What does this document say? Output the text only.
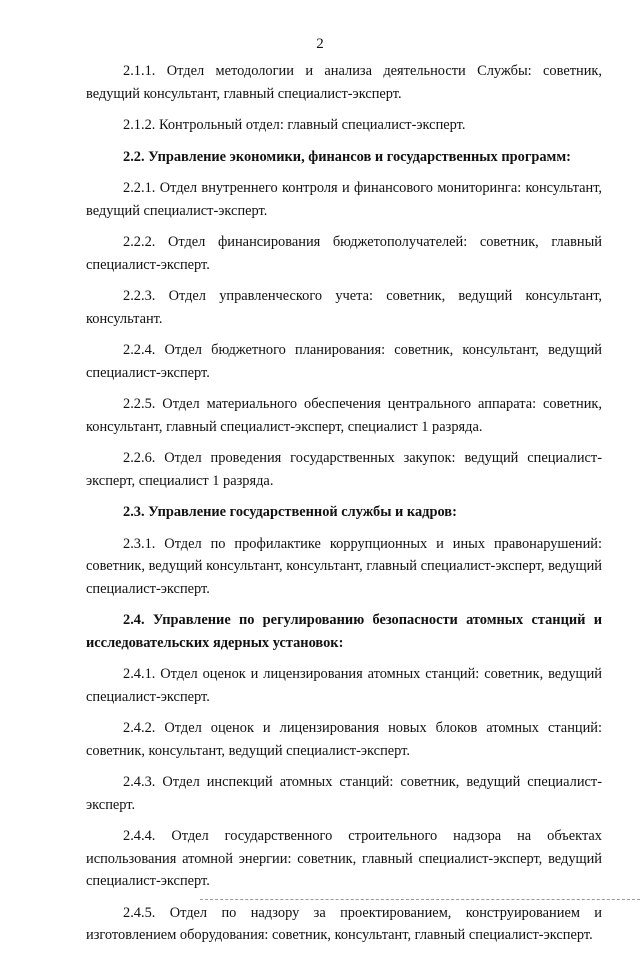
2

2.1.1. Отдел методологии и анализа деятельности Службы: советник, ведущий консультант, главный специалист-эксперт.

2.1.2. Контрольный отдел: главный специалист-эксперт.

2.2. Управление экономики, финансов и государственных программ:

2.2.1. Отдел внутреннего контроля и финансового мониторинга: консультант, ведущий специалист-эксперт.

2.2.2. Отдел финансирования бюджетополучателей: советник, главный специалист-эксперт.

2.2.3. Отдел управленческого учета: советник, ведущий консультант, консультант.

2.2.4. Отдел бюджетного планирования: советник, консультант, ведущий специалист-эксперт.

2.2.5. Отдел материального обеспечения центрального аппарата: советник, консультант, главный специалист-эксперт, специалист 1 разряда.

2.2.6. Отдел проведения государственных закупок: ведущий специалист-эксперт, специалист 1 разряда.

2.3. Управление государственной службы и кадров:

2.3.1. Отдел по профилактике коррупционных и иных правонарушений: советник, ведущий консультант, консультант, главный специалист-эксперт, ведущий специалист-эксперт.

2.4. Управление по регулированию безопасности атомных станций и исследовательских ядерных установок:

2.4.1. Отдел оценок и лицензирования атомных станций: советник, ведущий специалист-эксперт.

2.4.2. Отдел оценок и лицензирования новых блоков атомных станций: советник, консультант, ведущий специалист-эксперт.

2.4.3. Отдел инспекций атомных станций: советник, ведущий специалист-эксперт.

2.4.4. Отдел государственного строительного надзора на объектах использования атомной энергии: советник, главный специалист-эксперт, ведущий специалист-эксперт.

2.4.5. Отдел по надзору за проектированием, конструированием и изготовлением оборудования: советник, консультант, главный специалист-эксперт.
